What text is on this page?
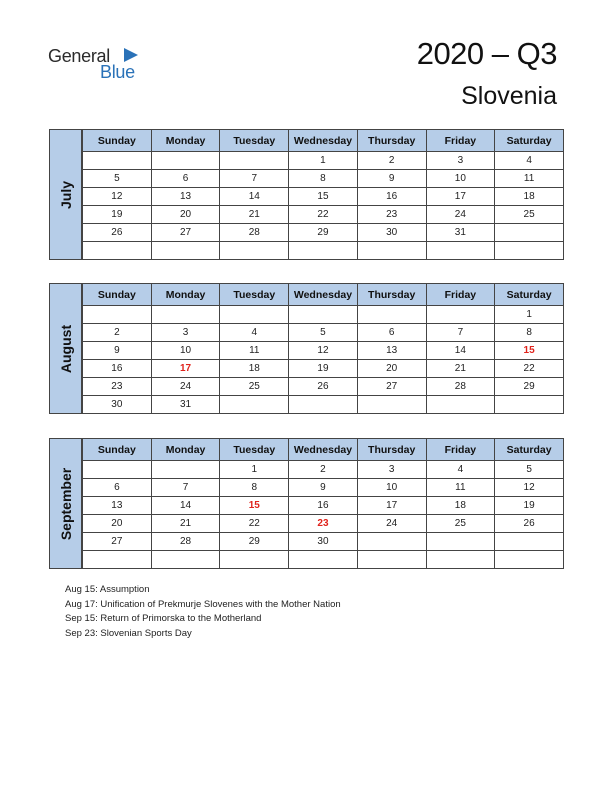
General
Blue
2020 – Q3
Slovenia
July
Sunday	Monday	Tuesday	Wednesday	Thursday	Friday	Saturday
			1	2	3	4
5	6	7	8	9	10	11
12	13	14	15	16	17	18
19	20	21	22	23	24	25
26	27	28	29	30	31	

August
Sunday	Monday	Tuesday	Wednesday	Thursday	Friday	Saturday
						1
2	3	4	5	6	7	8
9	10	11	12	13	14	15
16	17	18	19	20	21	22
23	24	25	26	27	28	29
30	31					
September
Sunday	Monday	Tuesday	Wednesday	Thursday	Friday	Saturday
		1	2	3	4	5
6	7	8	9	10	11	12
13	14	15	16	17	18	19
20	21	22	23	24	25	26
27	28	29	30			

Aug 15: Assumption
Aug 17: Unification of Prekmurje Slovenes with the Mother Nation
Sep 15: Return of Primorska to the Motherland
Sep 23: Slovenian Sports Day
